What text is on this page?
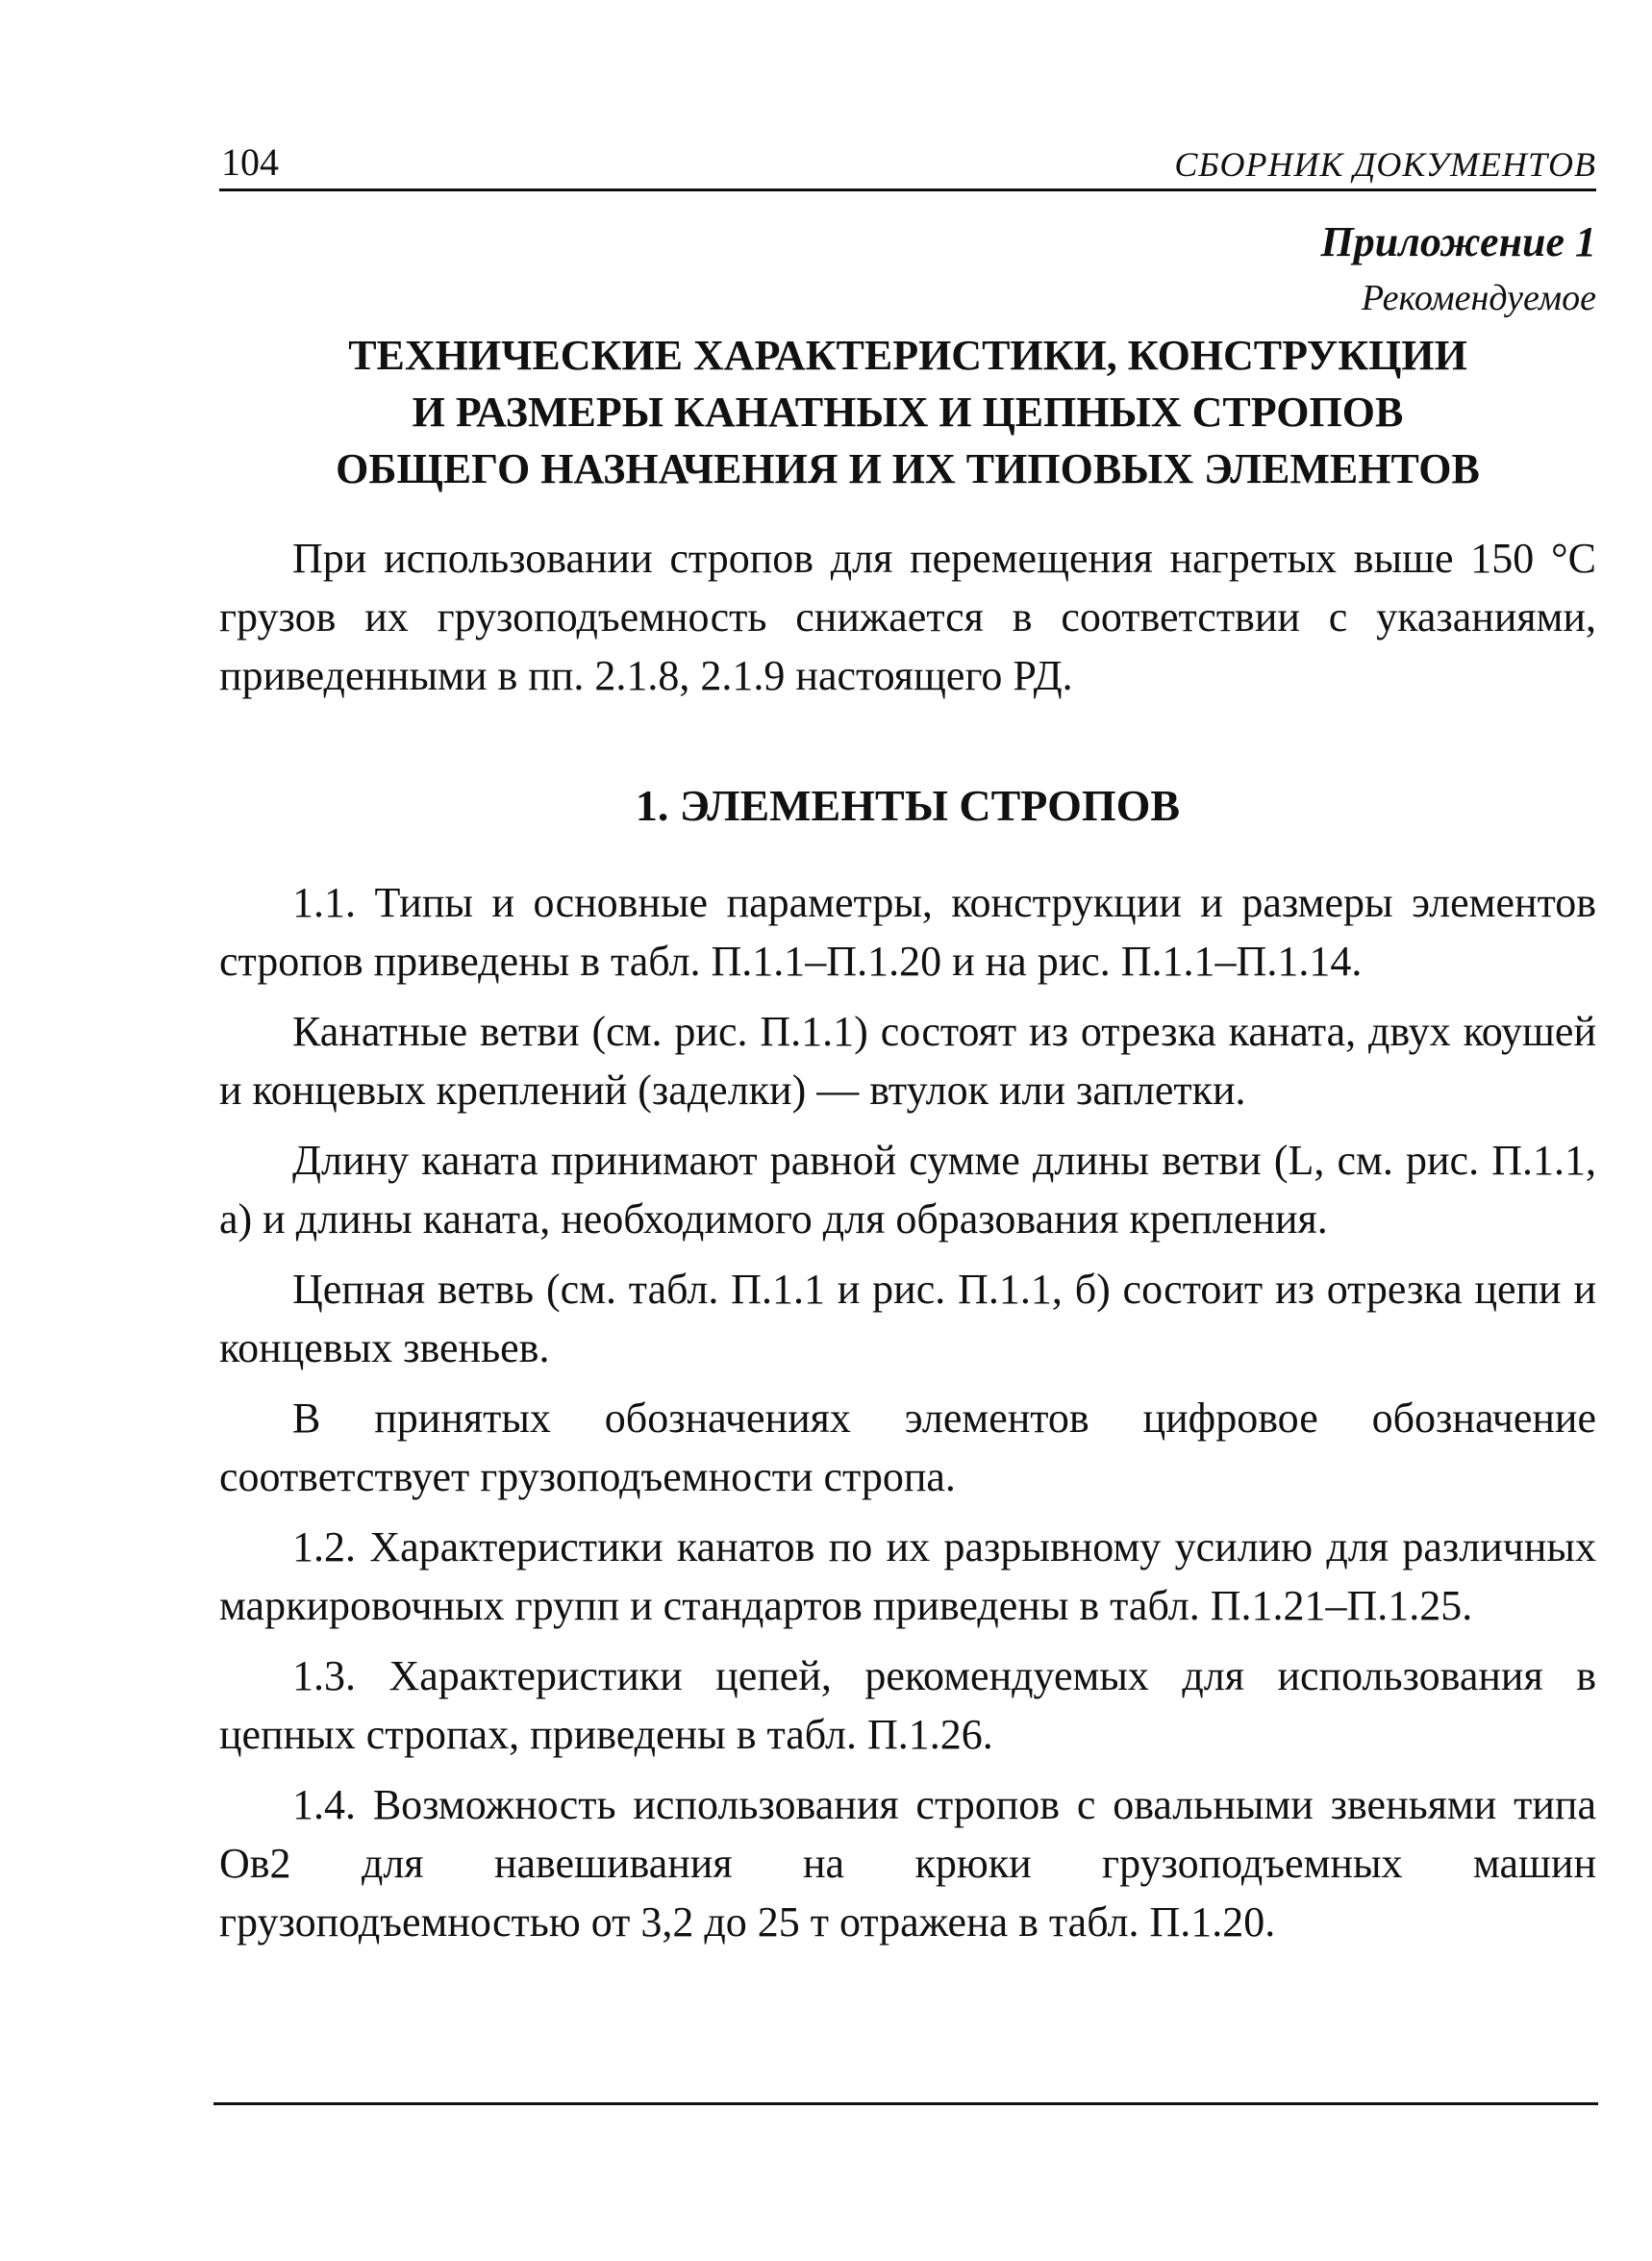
104	СБОРНИК ДОКУМЕНТОВ
Приложение 1
Рекомендуемое
ТЕХНИЧЕСКИЕ ХАРАКТЕРИСТИКИ, КОНСТРУКЦИИ
И РАЗМЕРЫ КАНАТНЫХ И ЦЕПНЫХ СТРОПОВ
ОБЩЕГО НАЗНАЧЕНИЯ И ИХ ТИПОВЫХ ЭЛЕМЕНТОВ

При использовании стропов для перемещения нагретых выше 150 °С грузов их грузоподъемность снижается в соответствии с указаниями, приведенными в пп. 2.1.8, 2.1.9 настоящего РД.

1. ЭЛЕМЕНТЫ СТРОПОВ

1.1. Типы и основные параметры, конструкции и размеры элементов стропов приведены в табл. П.1.1–П.1.20 и на рис. П.1.1–П.1.14.

Канатные ветви (см. рис. П.1.1) состоят из отрезка каната, двух коушей и концевых креплений (заделки) — втулок или заплетки.

Длину каната принимают равной сумме длины ветви (L, см. рис. П.1.1, а) и длины каната, необходимого для образования крепления.

Цепная ветвь (см. табл. П.1.1 и рис. П.1.1, б) состоит из отрезка цепи и концевых звеньев.

В принятых обозначениях элементов цифровое обозначение соответствует грузоподъемности стропа.

1.2. Характеристики канатов по их разрывному усилию для различных маркировочных групп и стандартов приведены в табл. П.1.21–П.1.25.

1.3. Характеристики цепей, рекомендуемых для использования в цепных стропах, приведены в табл. П.1.26.

1.4. Возможность использования стропов с овальными звеньями типа Ов2 для навешивания на крюки грузоподъемных машин грузоподъемностью от 3,2 до 25 т отражена в табл. П.1.20.
